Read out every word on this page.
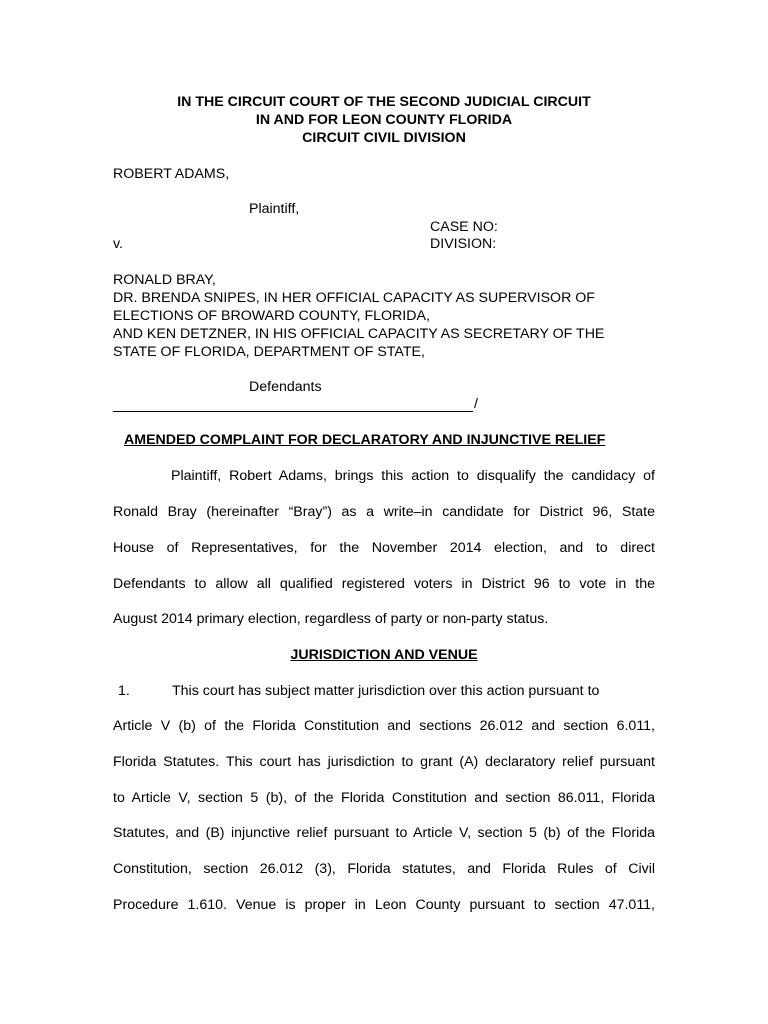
IN THE CIRCUIT COURT OF THE SECOND JUDICIAL CIRCUIT
IN AND FOR LEON COUNTY FLORIDA
CIRCUIT CIVIL DIVISION
ROBERT ADAMS,
Plaintiff,
CASE NO:
v.	DIVISION:
RONALD BRAY,
DR. BRENDA SNIPES, IN HER OFFICIAL CAPACITY AS SUPERVISOR OF
ELECTIONS OF BROWARD COUNTY, FLORIDA,
AND KEN DETZNER, IN HIS OFFICIAL CAPACITY AS SECRETARY OF THE
STATE OF FLORIDA, DEPARTMENT OF STATE,
Defendants
/
AMENDED COMPLAINT FOR DECLARATORY AND INJUNCTIVE RELIEF
Plaintiff, Robert Adams, brings this action to disqualify the candidacy of
Ronald Bray (hereinafter “Bray”) as a write–in candidate for District 96, State
House of Representatives, for the November 2014 election, and to direct
Defendants to allow all qualified registered voters in District 96 to vote in the
August 2014 primary election, regardless of party or non-party status.
JURISDICTION AND VENUE
1.	This court has subject matter jurisdiction over this action pursuant to
Article V (b) of the Florida Constitution and sections 26.012 and section 6.011,
Florida Statutes. This court has jurisdiction to grant (A) declaratory relief pursuant
to Article V, section 5 (b), of the Florida Constitution and section 86.011, Florida
Statutes, and (B) injunctive relief pursuant to Article V, section 5 (b) of the Florida
Constitution, section 26.012 (3), Florida statutes, and Florida Rules of Civil
Procedure 1.610. Venue is proper in Leon County pursuant to section 47.011,
